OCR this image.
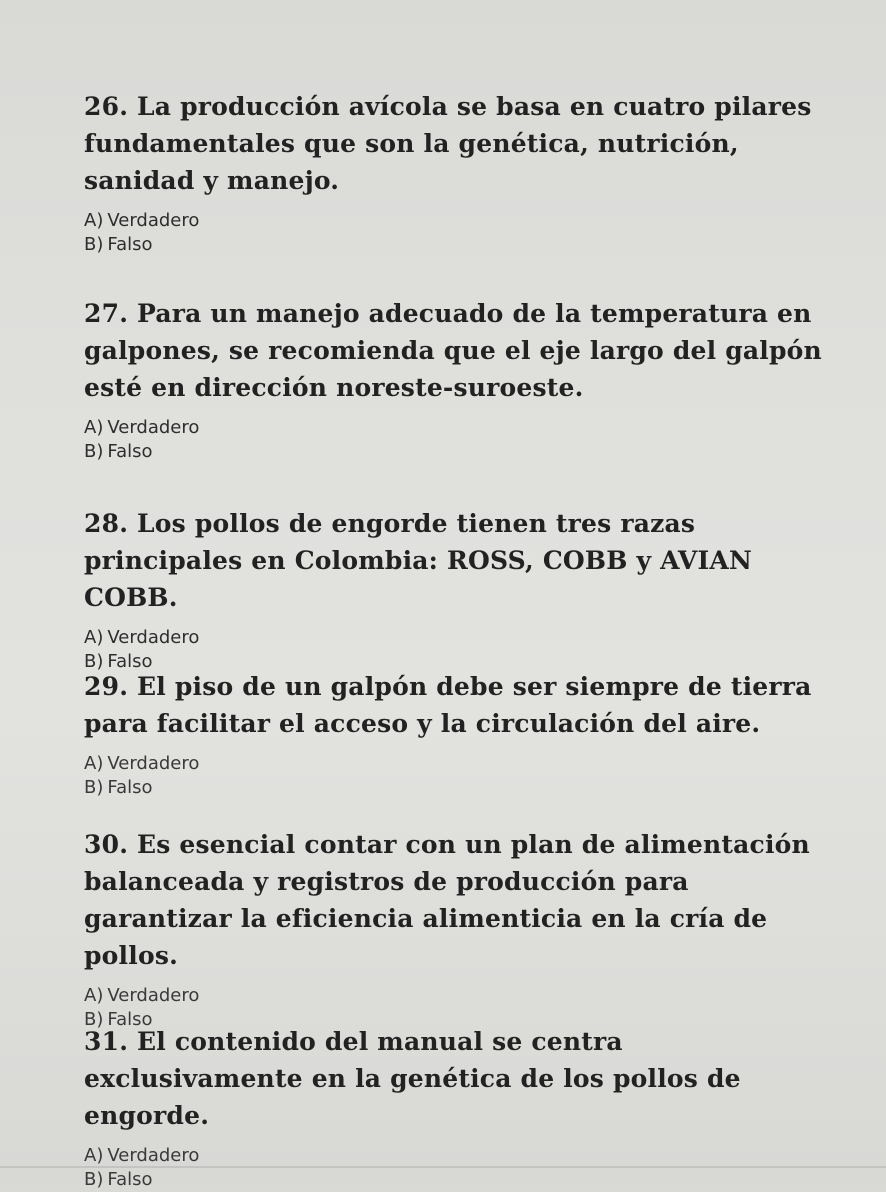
26. La producción avícola se basa en cuatro pilares fundamentales que son la genética, nutrición, sanidad y manejo.

A) Verdadero
B) Falso

27. Para un manejo adecuado de la temperatura en galpones, se recomienda que el eje largo del galpón esté en dirección noreste-suroeste.

A) Verdadero
B) Falso

28. Los pollos de engorde tienen tres razas principales en Colombia: ROSS, COBB y AVIAN COBB.

A) Verdadero
B) Falso

29. El piso de un galpón debe ser siempre de tierra para facilitar el acceso y la circulación del aire.

A) Verdadero
B) Falso

30. Es esencial contar con un plan de alimentación balanceada y registros de producción para garantizar la eficiencia alimenticia en la cría de pollos.

A) Verdadero
B) Falso

31. El contenido del manual se centra exclusivamente en la genética de los pollos de engorde.

A) Verdadero
B) Falso
